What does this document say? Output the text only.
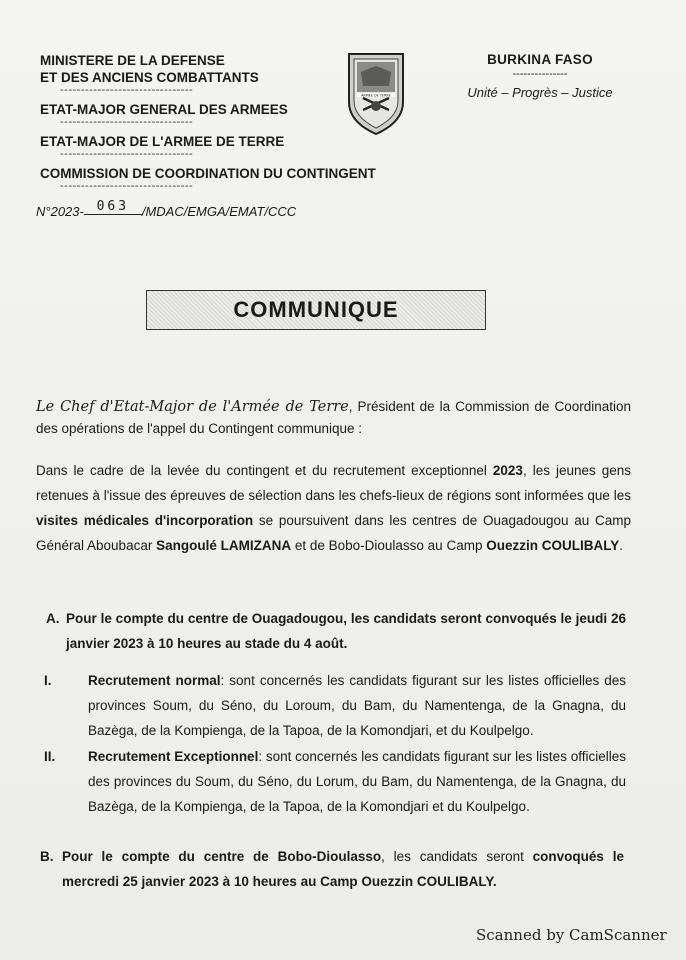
MINISTERE DE LA DEFENSE
ET DES ANCIENS COMBATTANTS
--------------------------------
ETAT-MAJOR GENERAL DES ARMEES
--------------------------------
ETAT-MAJOR DE L'ARMEE DE TERRE
--------------------------------
COMMISSION DE COORDINATION DU CONTINGENT
--------------------------------
N°2023- 063 /MDAC/EMGA/EMAT/CCC
ARMEE DE TERRE
BURKINA FASO
---------------
Unité – Progrès – Justice
COMMUNIQUE
Le Chef d'Etat-Major de l'Armée de Terre, Président de la Commission de Coordination des opérations de l'appel du Contingent communique :
Dans le cadre de la levée du contingent et du recrutement exceptionnel 2023, les jeunes gens retenues à l'issue des épreuves de sélection dans les chefs-lieux de régions sont informées que les visites médicales d'incorporation se poursuivent dans les centres de Ouagadougou au Camp Général Aboubacar Sangoulé LAMIZANA et de Bobo-Dioulasso au Camp Ouezzin COULIBALY.
A. Pour le compte du centre de Ouagadougou, les candidats seront convoqués le jeudi 26 janvier 2023 à 10 heures au stade du 4 août.
I.	Recrutement normal: sont concernés les candidats figurant sur les listes officielles des provinces Soum, du Séno, du Loroum, du Bam, du Namentenga, de la Gnagna, du Bazèga, de la Kompienga, de la Tapoa, de la Komondjari, et du Koulpelgo.
II. Recrutement Exceptionnel: sont concernés les candidats figurant sur les listes officielles des provinces du Soum, du Séno, du Lorum, du Bam, du Namentenga, de la Gnagna, du Bazèga, de la Kompienga, de la Tapoa, de la Komondjari et du Koulpelgo.
B. Pour le compte du centre de Bobo-Dioulasso, les candidats seront convoqués le mercredi 25 janvier 2023 à 10 heures au Camp Ouezzin COULIBALY.
Scanned by CamScanner
